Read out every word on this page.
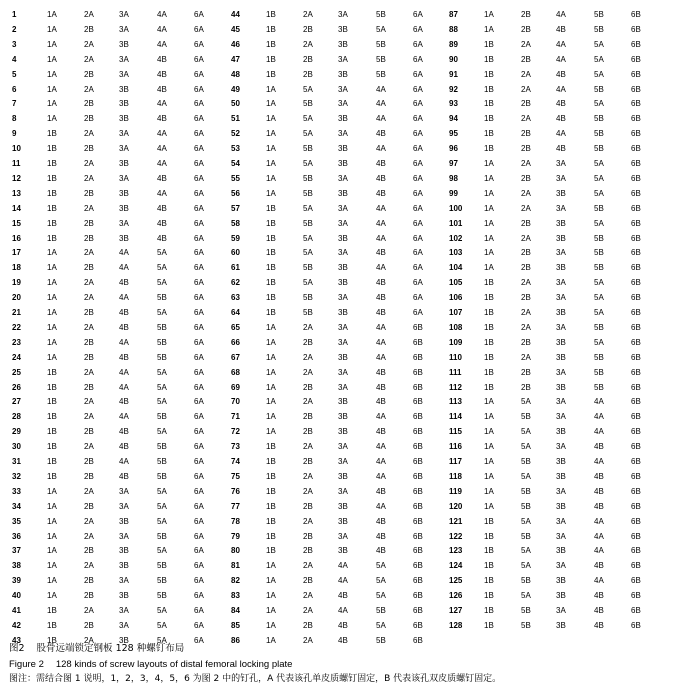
1	1A	2A	3A	4A	6A
2	1A	2B	3A	4A	6A
3	1A	2A	3B	4A	6A
4	1A	2A	3A	4B	6A
5	1A	2B	3A	4B	6A
6	1A	2A	3B	4B	6A
7	1A	2B	3B	4A	6A
8	1A	2B	3B	4B	6A
9	1B	2A	3A	4A	6A
10	1B	2B	3A	4A	6A
11	1B	2A	3B	4A	6A
12	1B	2A	3A	4B	6A
13	1B	2B	3B	4A	6A
14	1B	2A	3B	4B	6A
15	1B	2B	3A	4B	6A
16	1B	2B	3B	4B	6A
17	1A	2A	4A	5A	6A
18	1A	2B	4A	5A	6A
19	1A	2A	4B	5A	6A
20	1A	2A	4A	5B	6A
21	1A	2B	4B	5A	6A
22	1A	2A	4B	5B	6A
23	1A	2B	4A	5B	6A
24	1A	2B	4B	5B	6A
25	1B	2A	4A	5A	6A
26	1B	2B	4A	5A	6A
27	1B	2A	4B	5A	6A
28	1B	2A	4A	5B	6A
29	1B	2B	4B	5A	6A
30	1B	2A	4B	5B	6A
31	1B	2B	4A	5B	6A
32	1B	2B	4B	5B	6A
33	1A	2A	3A	5A	6A
34	1A	2B	3A	5A	6A
35	1A	2A	3B	5A	6A
36	1A	2A	3A	5B	6A
37	1A	2B	3B	5A	6A
38	1A	2A	3B	5B	6A
39	1A	2B	3A	5B	6A
40	1A	2B	3B	5B	6A
41	1B	2A	3A	5A	6A
42	1B	2B	3A	5A	6A
43	1B	2A	3B	5A	6A
44	1B	2A	3A	5B	6A
45	1B	2B	3B	5A	6A
46	1B	2A	3B	5B	6A
47	1B	2B	3A	5B	6A
48	1B	2B	3B	5B	6A
49	1A	5A	3A	4A	6A
50	1A	5B	3A	4A	6A
51	1A	5A	3B	4A	6A
52	1A	5A	3A	4B	6A
53	1A	5B	3B	4A	6A
54	1A	5A	3B	4B	6A
55	1A	5B	3A	4B	6A
56	1A	5B	3B	4B	6A
57	1B	5A	3A	4A	6A
58	1B	5B	3A	4A	6A
59	1B	5A	3B	4A	6A
60	1B	5A	3A	4B	6A
61	1B	5B	3B	4A	6A
62	1B	5A	3B	4B	6A
63	1B	5B	3A	4B	6A
64	1B	5B	3B	4B	6A
65	1A	2A	3A	4A	6B
66	1A	2B	3A	4A	6B
67	1A	2A	3B	4A	6B
68	1A	2A	3A	4B	6B
69	1A	2B	3A	4B	6B
70	1A	2A	3B	4B	6B
71	1A	2B	3B	4A	6B
72	1A	2B	3B	4B	6B
73	1B	2A	3A	4A	6B
74	1B	2B	3A	4A	6B
75	1B	2A	3B	4A	6B
76	1B	2A	3A	4B	6B
77	1B	2B	3B	4A	6B
78	1B	2A	3B	4B	6B
79	1B	2B	3A	4B	6B
80	1B	2B	3B	4B	6B
81	1A	2A	4A	5A	6B
82	1A	2B	4A	5A	6B
83	1A	2A	4B	5A	6B
84	1A	2A	4A	5B	6B
85	1A	2B	4B	5A	6B
86	1A	2A	4B	5B	6B
87	1A	2B	4A	5B	6B
88	1A	2B	4B	5B	6B
89	1B	2A	4A	5A	6B
90	1B	2B	4A	5A	6B
91	1B	2A	4B	5A	6B
92	1B	2A	4A	5B	6B
93	1B	2B	4B	5A	6B
94	1B	2A	4B	5B	6B
95	1B	2B	4A	5B	6B
96	1B	2B	4B	5B	6B
97	1A	2A	3A	5A	6B
98	1A	2B	3A	5A	6B
99	1A	2A	3B	5A	6B
100	1A	2A	3A	5B	6B
101	1A	2B	3B	5A	6B
102	1A	2A	3B	5B	6B
103	1A	2B	3A	5B	6B
104	1A	2B	3B	5B	6B
105	1B	2A	3A	5A	6B
106	1B	2B	3A	5A	6B
107	1B	2A	3B	5A	6B
108	1B	2A	3A	5B	6B
109	1B	2B	3B	5A	6B
110	1B	2A	3B	5B	6B
111	1B	2B	3A	5B	6B
112	1B	2B	3B	5B	6B
113	1A	5A	3A	4A	6B
114	1A	5B	3A	4A	6B
115	1A	5A	3B	4A	6B
116	1A	5A	3A	4B	6B
117	1A	5B	3B	4A	6B
118	1A	5A	3B	4B	6B
119	1A	5B	3A	4B	6B
120	1A	5B	3B	4B	6B
121	1B	5A	3A	4A	6B
122	1B	5B	3A	4A	6B
123	1B	5A	3B	4A	6B
124	1B	5A	3A	4B	6B
125	1B	5B	3B	4A	6B
126	1B	5A	3B	4B	6B
127	1B	5B	3A	4B	6B
128	1B	5B	3B	4B	6B
图2 股骨远端锁定钢板 128 种螺钉布局
Figure 2 128 kinds of screw layouts of distal femoral locking plate
图注：需结合图 1 说明，1，2，3，4，5，6 为图 2 中的钉孔，A 代表该孔单皮质螺钉固定，B 代表该孔双皮质螺钉固定。
